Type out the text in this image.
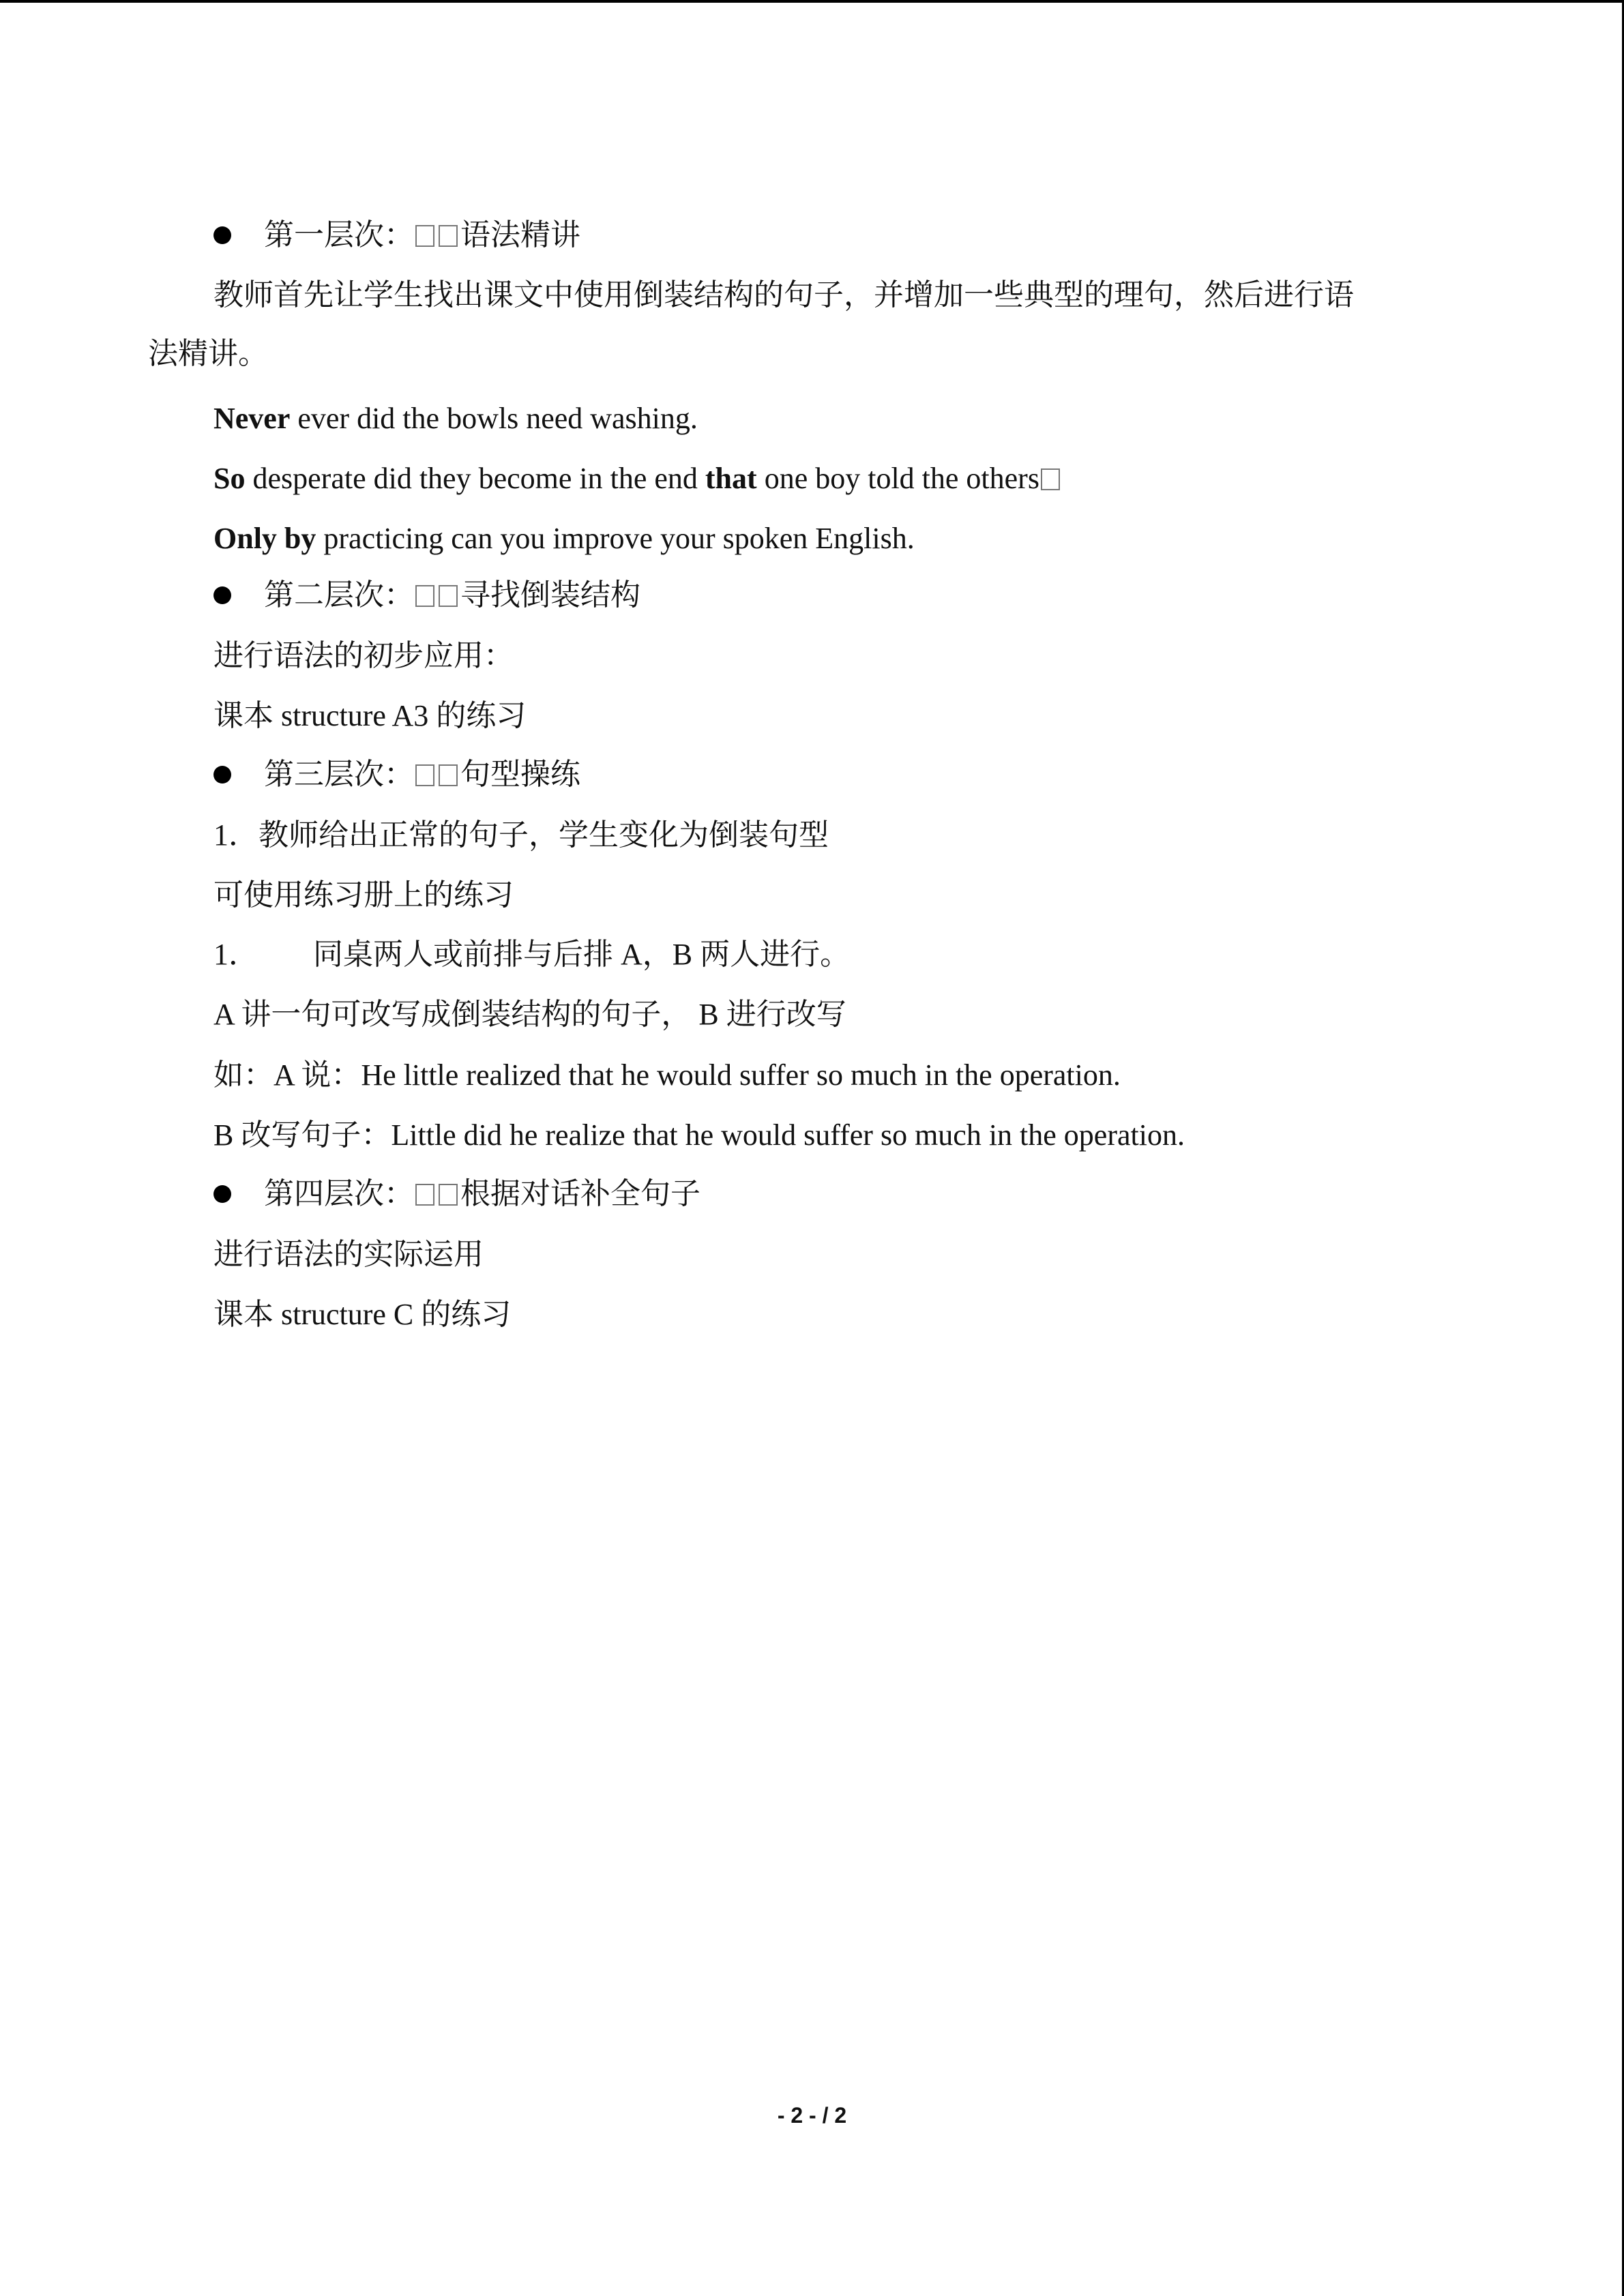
第一层次： 语法精讲
教师首先让学生找出课文中使用倒装结构的句子，并增加一些典型的理句，然后进行语
法精讲。
Never ever did the bowls need washing.
So desperate did they become in the end that one boy told the others
Only by practicing can you improve your spoken English.
第二层次： 寻找倒装结构
进行语法的初步应用：
课本 structure A3 的练习
第三层次： 句型操练
1．教师给出正常的句子，学生变化为倒装句型
可使用练习册上的练习
1． 同桌两人或前排与后排 A，B 两人进行。
A 讲一句可改写成倒装结构的句子， B 进行改写
如：A 说：He little realized that he would suffer so much in the operation.
B 改写句子：Little did he realize that he would suffer so much in the operation.
第四层次： 根据对话补全句子
进行语法的实际运用
课本 structure C 的练习
- 2 - / 2
